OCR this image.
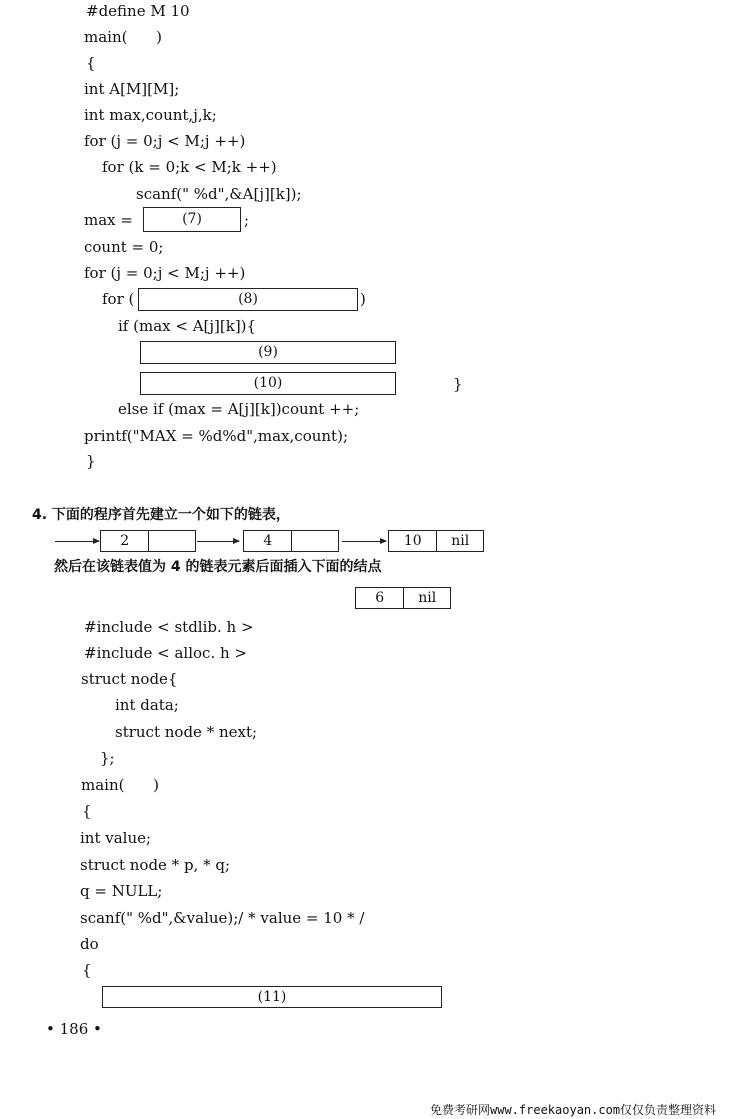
#define M 10
main(      )
{
int A[M][M];
int max,count,j,k;
for (j = 0;j < M;j ++)
for (k = 0;k < M;k ++)
scanf(" %d",&A[j][k]);
max =	(7)	;
count = 0;
for (j = 0;j < M;j ++)
for (	(8)	)
if (max < A[j][k]){
(9)
(10)	}
else if (max = A[j][k])count ++;
printf("MAX = %d%d",max,count);
}
4. 下面的程序首先建立一个如下的链表，
2	4	10	nil
然后在该链表值为 4 的链表元素后面插入下面的结点
6	nil
#include < stdlib. h >
#include < alloc. h >
struct node{
int data;
struct node * next;
};
main(      )
{
int value;
struct node * p, * q;
q = NULL;
scanf(" %d",&value);/ * value = 10 * /
do
{
(11)
• 186 •
免费考研网www.freekaoyan.com仅仅负责整理资料
